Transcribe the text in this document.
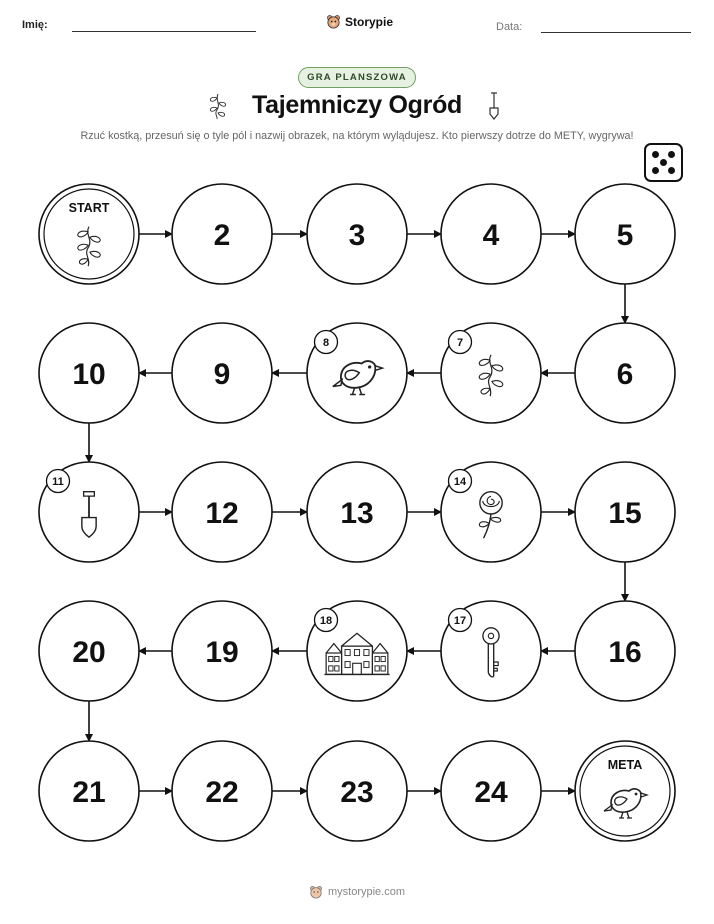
Imię:	Storypie	Data:
GRA PLANSZOWA
Tajemniczy Ogród
Rzuć kostką, przesuń się o tyle pól i nazwij obrazek, na którym wylądujesz. Kto pierwszy dotrze do METY, wygrywa!
START
2	3	4	5
6
7
8
9
10
11
12	13
14
15
16
17
18
19
20
21	22	23	24
META
mystorypie.com
